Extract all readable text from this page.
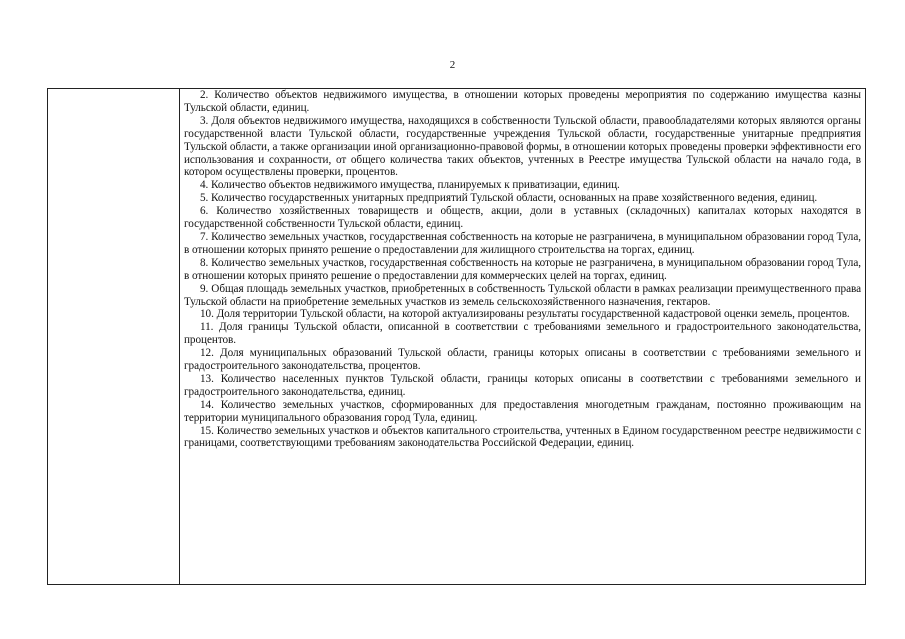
2

2. Количество объектов недвижимого имущества, в отношении которых проведены мероприятия по содержанию имущества казны Тульской области, единиц.

3. Доля объектов недвижимого имущества, находящихся в собственности Тульской области, правообладателями которых являются органы государственной власти Тульской области, государственные учреждения Тульской области, государственные унитарные предприятия Тульской области, а также организации иной организационно-правовой формы, в отношении которых проведены проверки эффективности его использования и сохранности, от общего количества таких объектов, учтенных в Реестре имущества Тульской области на начало года, в котором осуществлены проверки, процентов.

4. Количество объектов недвижимого имущества, планируемых к приватизации, единиц.

5. Количество государственных унитарных предприятий Тульской области, основанных на праве хозяйственного ведения, единиц.

6. Количество хозяйственных товариществ и обществ, акции, доли в уставных (складочных) капиталах которых находятся в государственной собственности Тульской области, единиц.

7. Количество земельных участков, государственная собственность на которые не разграничена, в муниципальном образовании город Тула, в отношении которых принято решение о предоставлении для жилищного строительства на торгах, единиц.

8. Количество земельных участков, государственная собственность на которые не разграничена, в муниципальном образовании город Тула, в отношении которых принято решение о предоставлении для коммерческих целей на торгах, единиц.

9. Общая площадь земельных участков, приобретенных в собственность Тульской области в рамках реализации преимущественного права Тульской области на приобретение земельных участков из земель сельскохозяйственного назначения, гектаров.

10. Доля территории Тульской области, на которой актуализированы результаты государственной кадастровой оценки земель, процентов.

11. Доля границы Тульской области, описанной в соответствии с требованиями земельного и градостроительного законодательства, процентов.

12. Доля муниципальных образований Тульской области, границы которых описаны в соответствии с требованиями земельного и градостроительного законодательства, процентов.

13. Количество населенных пунктов Тульской области, границы которых описаны в соответствии с требованиями земельного и градостроительного законодательства, единиц.

14. Количество земельных участков, сформированных для предоставления многодетным гражданам, постоянно проживающим на территории муниципального образования город Тула, единиц.

15. Количество земельных участков и объектов капитального строительства, учтенных в Едином государственном реестре недвижимости с границами, соответствующими требованиям законодательства Российской Федерации, единиц.
